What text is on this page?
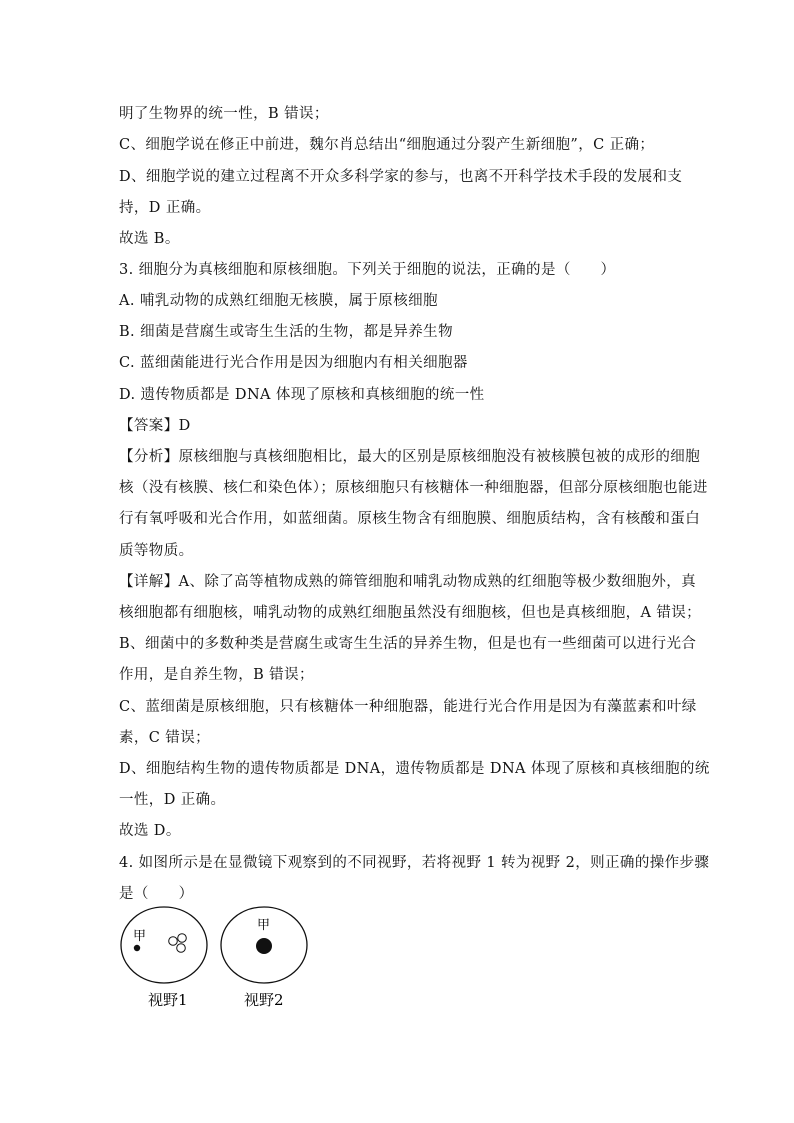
明了生物界的统一性，B 错误；
C、细胞学说在修正中前进，魏尔肖总结出“细胞通过分裂产生新细胞”，C 正确；
D、细胞学说的建立过程离不开众多科学家的参与，也离不开科学技术手段的发展和支
持，D 正确。
故选 B。
3. 细胞分为真核细胞和原核细胞。下列关于细胞的说法，正确的是（　　）
A. 哺乳动物的成熟红细胞无核膜，属于原核细胞
B. 细菌是营腐生或寄生生活的生物，都是异养生物
C. 蓝细菌能进行光合作用是因为细胞内有相关细胞器
D. 遗传物质都是 DNA 体现了原核和真核细胞的统一性
【答案】D
【分析】原核细胞与真核细胞相比，最大的区别是原核细胞没有被核膜包被的成形的细胞
核（没有核膜、核仁和染色体）；原核细胞只有核糖体一种细胞器，但部分原核细胞也能进
行有氧呼吸和光合作用，如蓝细菌。原核生物含有细胞膜、细胞质结构，含有核酸和蛋白
质等物质。
【详解】A、除了高等植物成熟的筛管细胞和哺乳动物成熟的红细胞等极少数细胞外，真
核细胞都有细胞核，哺乳动物的成熟红细胞虽然没有细胞核，但也是真核细胞，A 错误；
B、细菌中的多数种类是营腐生或寄生生活的异养生物，但是也有一些细菌可以进行光合
作用，是自养生物，B 错误；
C、蓝细菌是原核细胞，只有核糖体一种细胞器，能进行光合作用是因为有藻蓝素和叶绿
素，C 错误；
D、细胞结构生物的遗传物质都是 DNA，遗传物质都是 DNA 体现了原核和真核细胞的统
一性，D 正确。
故选 D。
4. 如图所示是在显微镜下观察到的不同视野，若将视野 1 转为视野 2，则正确的操作步骤
是（　　）
甲
视野1
甲
视野2
